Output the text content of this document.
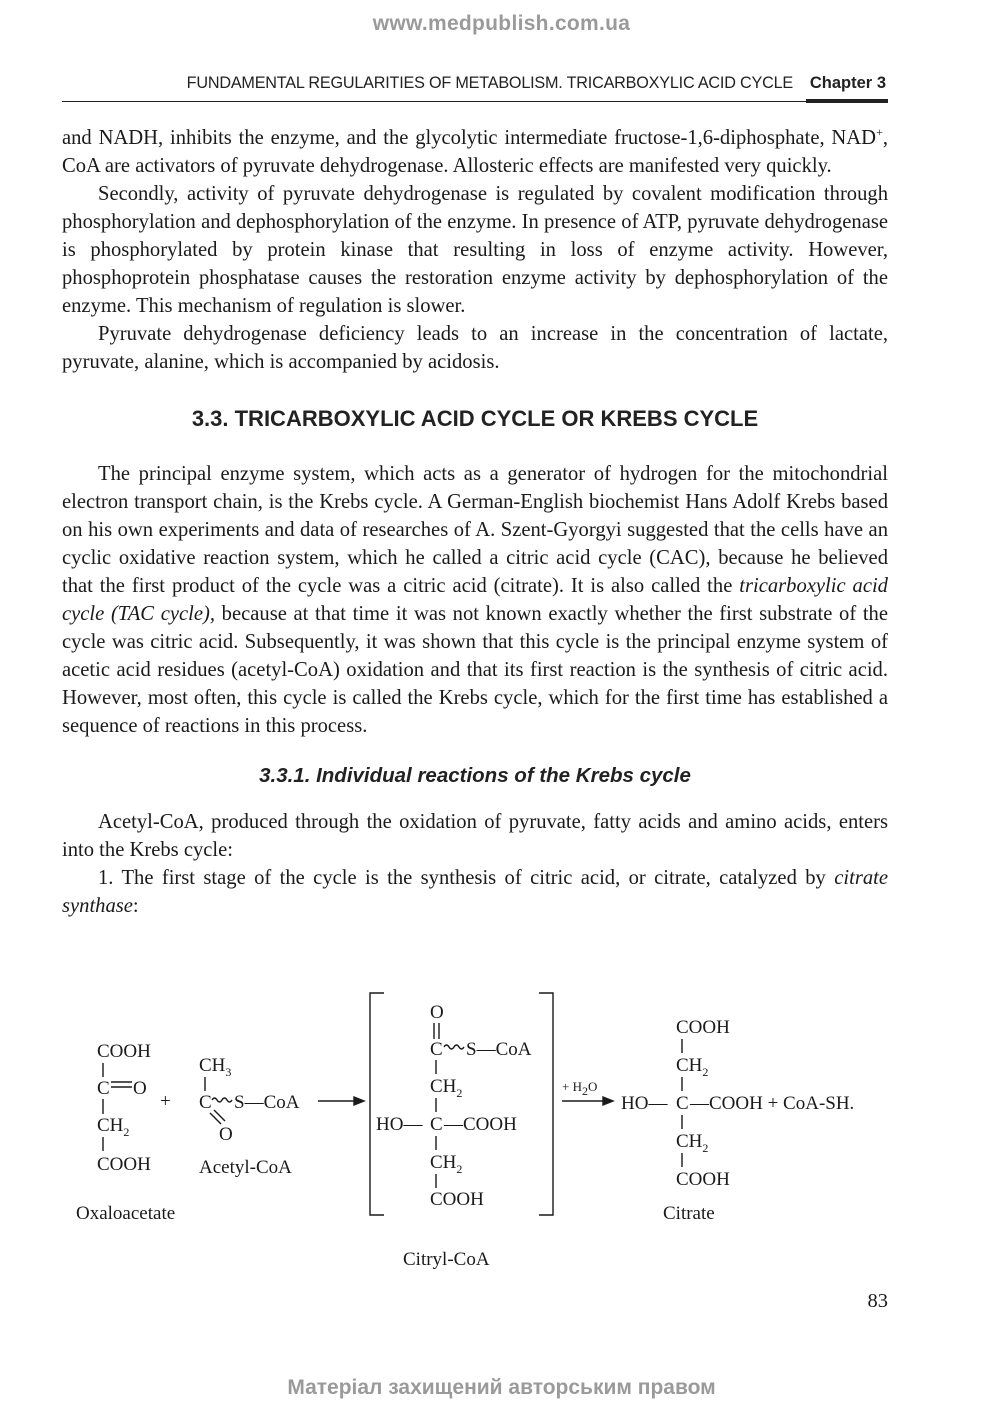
www.medpublish.com.ua
FUNDAMENTAL REGULARITIES OF METABOLISM. TRICARBOXYLIC ACID CYCLE Chapter 3

and NADH, inhibits the enzyme, and the glycolytic intermediate fructose-1,6-diphosphate, NAD+, CoA are activators of pyruvate dehydrogenase. Allosteric effects are manifested very quickly.

Secondly, activity of pyruvate dehydrogenase is regulated by covalent modification through phosphorylation and dephosphorylation of the enzyme. In presence of ATP, pyruvate dehydrogenase is phosphorylated by protein kinase that resulting in loss of enzyme activity. However, phosphoprotein phosphatase causes the restoration enzyme activity by dephosphorylation of the enzyme. This mechanism of regulation is slower.

Pyruvate dehydrogenase deficiency leads to an increase in the concentration of lactate, pyruvate, alanine, which is accompanied by acidosis.

3.3. TRICARBOXYLIC ACID CYCLE OR KREBS CYCLE

The principal enzyme system, which acts as a generator of hydrogen for the mitochondrial electron transport chain, is the Krebs cycle. A German-English biochemist Hans Adolf Krebs based on his own experiments and data of researches of A. Szent-Gyorgyi suggested that the cells have an cyclic oxidative reaction system, which he called a citric acid cycle (CAC), because he believed that the first product of the cycle was a citric acid (citrate). It is also called the tricarboxylic acid cycle (TAC cycle), because at that time it was not known exactly whether the first substrate of the cycle was citric acid. Subsequently, it was shown that this cycle is the principal enzyme system of acetic acid residues (acetyl-CoA) oxidation and that its first reaction is the synthesis of citric acid. However, most often, this cycle is called the Krebs cycle, which for the first time has established a sequence of reactions in this process.

3.3.1. Individual reactions of the Krebs cycle

Acetyl-CoA, produced through the oxidation of pyruvate, fatty acids and amino acids, enters into the Krebs cycle:

1. The first stage of the cycle is the synthesis of citric acid, or citrate, catalyzed by citrate synthase:

COOH
C O
$CH_2$
COOH
Oxaloacetate
+
$CH_3$
C S—CoA
O
Acetyl-CoA
O
C S—CoA
$CH_2$
HO— C —COOH
$CH_2$
COOH
Citryl-CoA
+ H2O
COOH
$CH_2$
HO— C —COOH + CoA-SH.
$CH_2$
COOH
Citrate
83
Матеріал захищений авторським правом
